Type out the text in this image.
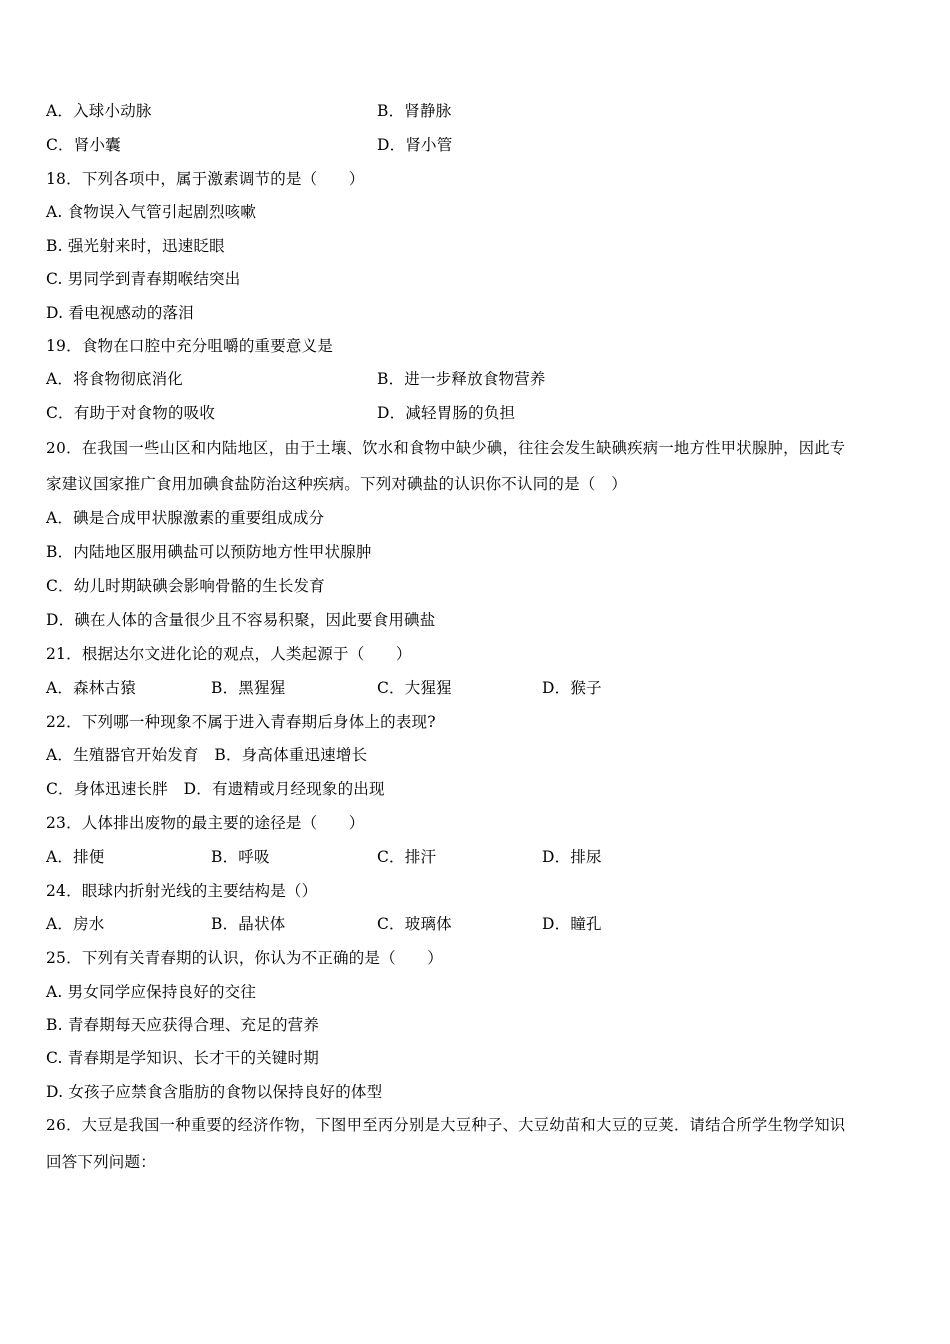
A．入球小动脉	B．肾静脉
C．肾小囊	D．肾小管
18．下列各项中，属于激素调节的是（　　）
A. 食物误入气管引起剧烈咳嗽
B. 强光射来时，迅速眨眼
C. 男同学到青春期喉结突出
D. 看电视感动的落泪
19．食物在口腔中充分咀嚼的重要意义是
A．将食物彻底消化	B．进一步释放食物营养
C．有助于对食物的吸收	D．减轻胃肠的负担
20．在我国一些山区和内陆地区，由于土壤、饮水和食物中缺少碘，往往会发生缺碘疾病一地方性甲状腺肿，因此专
家建议国家推广食用加碘食盐防治这种疾病。下列对碘盐的认识你不认同的是（　）
A．碘是合成甲状腺激素的重要组成成分
B．内陆地区服用碘盐可以预防地方性甲状腺肿
C．幼儿时期缺碘会影响骨骼的生长发育
D．碘在人体的含量很少且不容易积聚，因此要食用碘盐
21．根据达尔文进化论的观点，人类起源于（　　）
A．森林古猿	B．黑猩猩	C．大猩猩	D．猴子
22．下列哪一种现象不属于进入青春期后身体上的表现?
A．生殖器官开始发育　B．身高体重迅速增长
C．身体迅速长胖　D．有遗精或月经现象的出现
23．人体排出废物的最主要的途径是（　　）
A．排便	B．呼吸	C．排汗	D．排尿
24．眼球内折射光线的主要结构是（）
A．房水	B．晶状体	C．玻璃体	D．瞳孔
25．下列有关青春期的认识，你认为不正确的是（　　）
A. 男女同学应保持良好的交往
B. 青春期每天应获得合理、充足的营养
C. 青春期是学知识、长才干的关键时期
D. 女孩子应禁食含脂肪的食物以保持良好的体型
26．大豆是我国一种重要的经济作物，下图甲至丙分别是大豆种子、大豆幼苗和大豆的豆荚．请结合所学生物学知识
回答下列问题：
